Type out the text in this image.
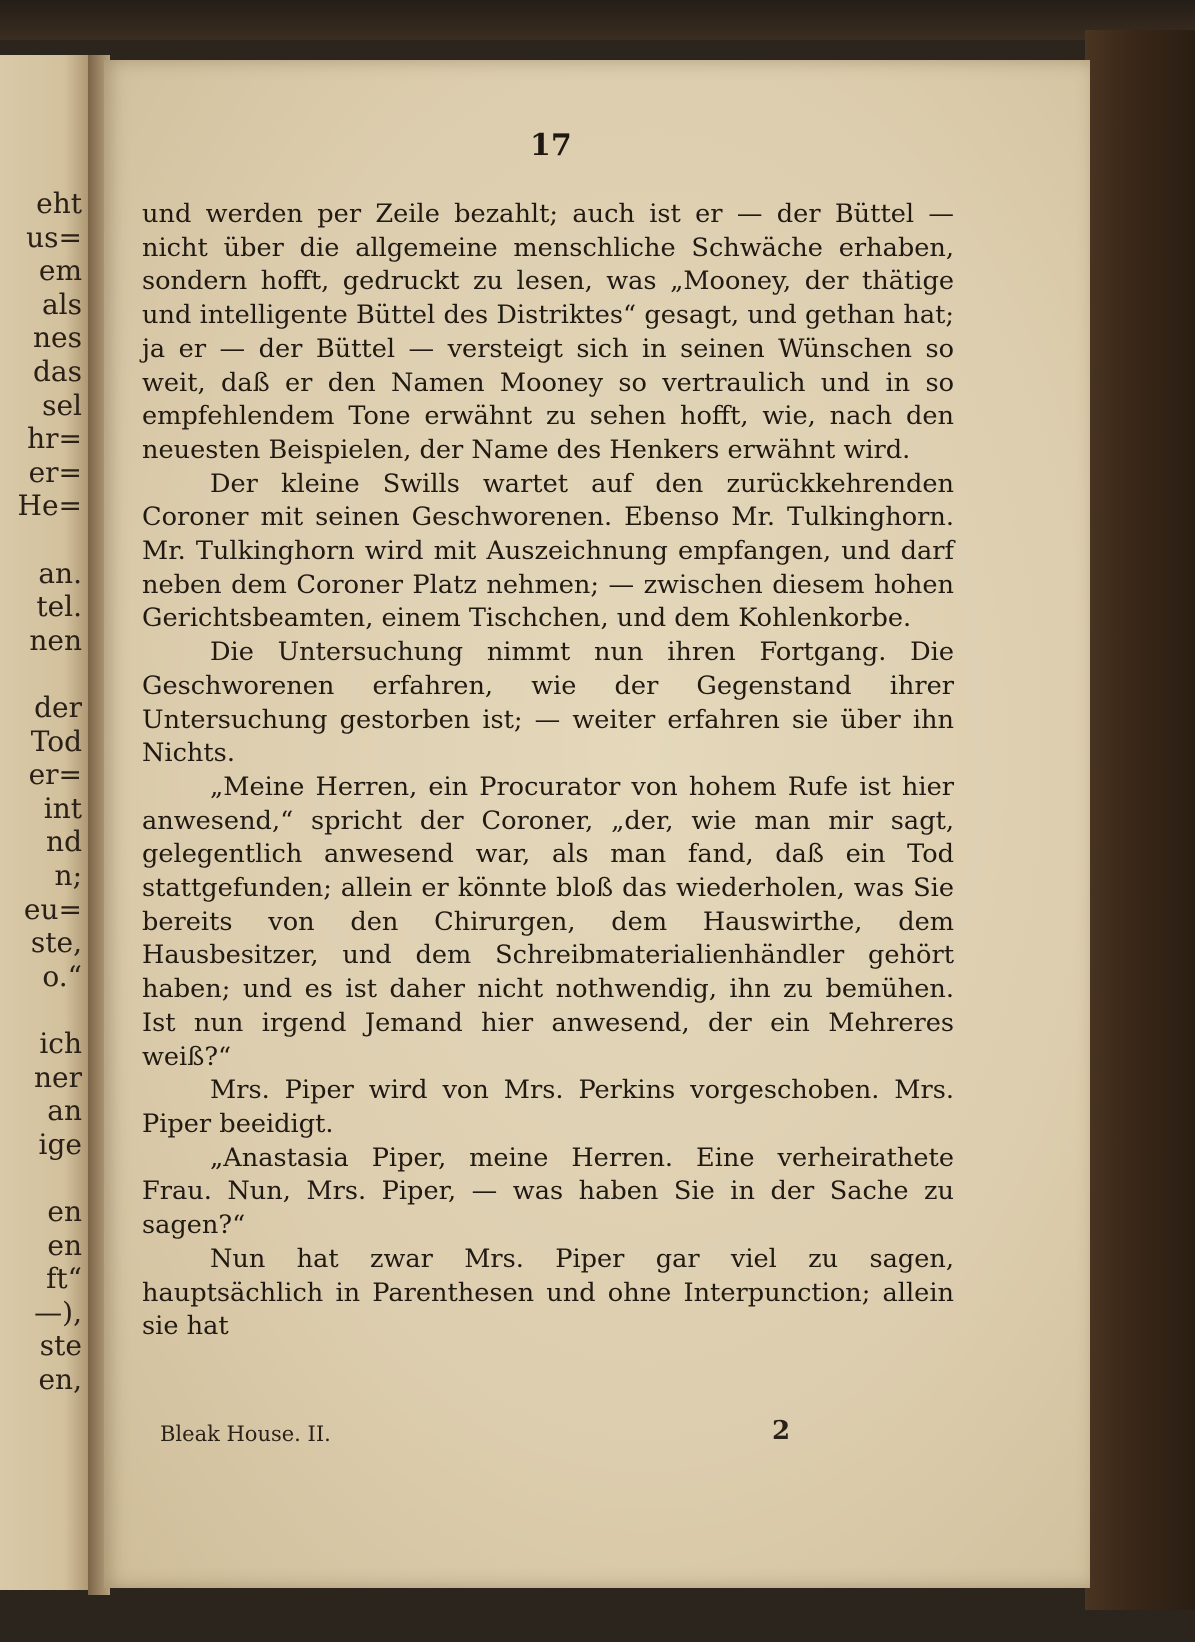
eht
us=
em
als
nes
das
sel
hr=
er=
He=
an.
tel.
nen
der
Tod
er=
int
nd
n;
eu=
ste,
o.“
ich
ner
an
ige
en
en
ft“
—),
ste
en,
17

und werden per Zeile bezahlt; auch ist er — der Büttel — nicht über die allgemeine menschliche Schwäche erhaben, sondern hofft, gedruckt zu lesen, was „Mooney, der thätige und intelligente Büttel des Distriktes“ gesagt, und gethan hat; ja er — der Büttel — versteigt sich in seinen Wünschen so weit, daß er den Namen Mooney so vertraulich und in so empfehlendem Tone erwähnt zu sehen hofft, wie, nach den neuesten Beispielen, der Name des Henkers erwähnt wird.

Der kleine Swills wartet auf den zurückkehrenden Coroner mit seinen Geschworenen. Ebenso Mr. Tulkinghorn. Mr. Tulkinghorn wird mit Auszeichnung empfangen, und darf neben dem Coroner Platz nehmen; — zwischen diesem hohen Gerichtsbeamten, einem Tischchen, und dem Kohlenkorbe.

Die Untersuchung nimmt nun ihren Fortgang. Die Geschworenen erfahren, wie der Gegenstand ihrer Untersuchung gestorben ist; — weiter erfahren sie über ihn Nichts.

„Meine Herren, ein Procurator von hohem Rufe ist hier anwesend,“ spricht der Coroner, „der, wie man mir sagt, gelegentlich anwesend war, als man fand, daß ein Tod stattgefunden; allein er könnte bloß das wiederholen, was Sie bereits von den Chirurgen, dem Hauswirthe, dem Hausbesitzer, und dem Schreibmaterialienhändler gehört haben; und es ist daher nicht nothwendig, ihn zu bemühen. Ist nun irgend Jemand hier anwesend, der ein Mehreres weiß?“

Mrs. Piper wird von Mrs. Perkins vorgeschoben. Mrs. Piper beeidigt.

„Anastasia Piper, meine Herren. Eine verheirathete Frau. Nun, Mrs. Piper, — was haben Sie in der Sache zu sagen?“

Nun hat zwar Mrs. Piper gar viel zu sagen, hauptsächlich in Parenthesen und ohne Interpunction; allein sie hat

Bleak House. II.	2
